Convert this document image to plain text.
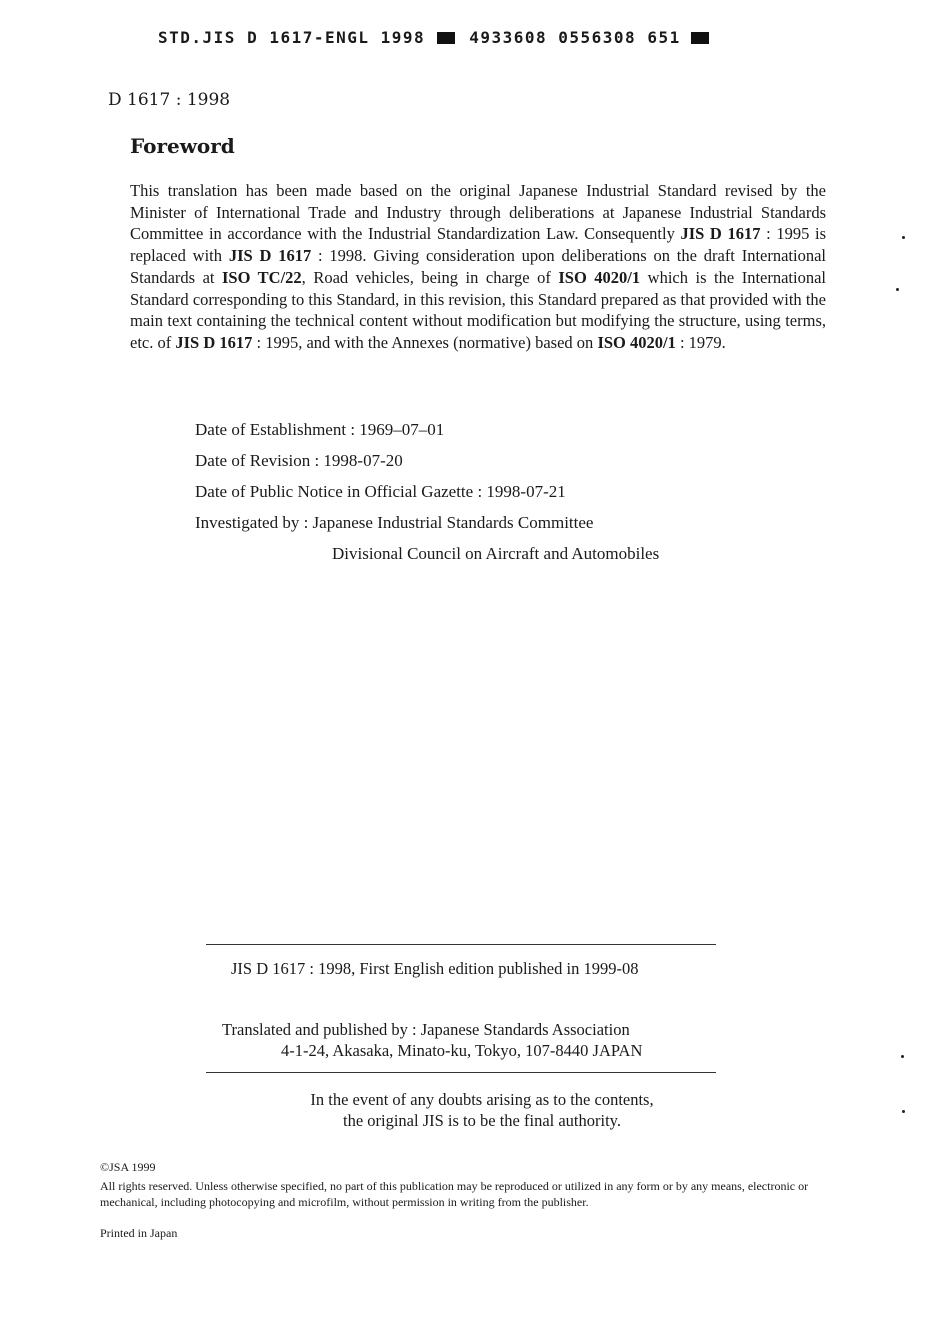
STD.JIS D 1617-ENGL 1998	4933608 0556308 651
D 1617 : 1998
Foreword
This translation has been made based on the original Japanese Industrial Standard revised by the Minister of International Trade and Industry through deliberations at Japanese Industrial Standards Committee in accordance with the Industrial Standardization Law. Consequently JIS D 1617 : 1995 is replaced with JIS D 1617 : 1998. Giving consideration upon deliberations on the draft International Standards at ISO TC/22, Road vehicles, being in charge of ISO 4020/1 which is the International Standard corresponding to this Standard, in this revision, this Standard prepared as that provided with the main text containing the technical content without modification but modifying the structure, using terms, etc. of JIS D 1617 : 1995, and with the Annexes (normative) based on ISO 4020/1 : 1979.
Date of Establishment : 1969–07–01
Date of Revision : 1998-07-20
Date of Public Notice in Official Gazette : 1998-07-21
Investigated by : Japanese Industrial Standards Committee
Divisional Council on Aircraft and Automobiles
JIS D 1617 : 1998, First English edition published in 1999-08
Translated and published by : Japanese Standards Association
4-1-24, Akasaka, Minato-ku, Tokyo, 107-8440 JAPAN
In the event of any doubts arising as to the contents,
the original JIS is to be the final authority.
©JSA 1999
All rights reserved. Unless otherwise specified, no part of this publication may be reproduced or utilized in any form or by any means, electronic or mechanical, including photocopying and microfilm, without permission in writing from the publisher.
Printed in Japan
